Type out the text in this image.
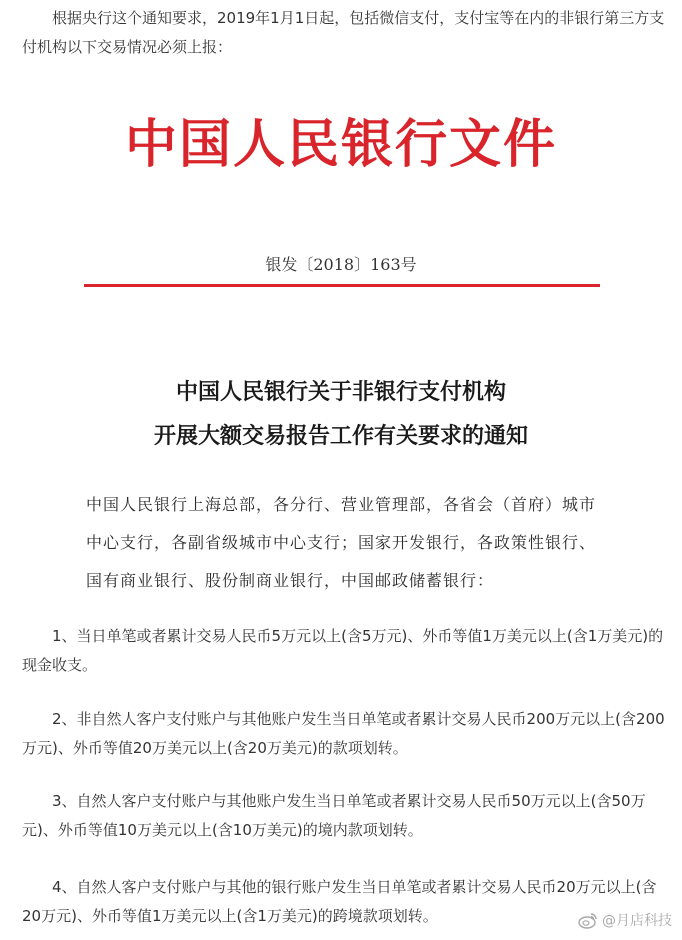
根据央行这个通知要求，2019年1月1日起，包括微信支付，支付宝等在内的非银行第三方支付机构以下交易情况必须上报：

中国人民银行文件

银发〔2018〕163号

中国人民银行关于非银行支付机构
开展大额交易报告工作有关要求的通知

中国人民银行上海总部，各分行、营业管理部，各省会（首府）城市中心支行，各副省级城市中心支行；国家开发银行，各政策性银行、国有商业银行、股份制商业银行，中国邮政储蓄银行：

1、当日单笔或者累计交易人民币5万元以上(含5万元)、外币等值1万美元以上(含1万美元)的现金收支。

2、非自然人客户支付账户与其他账户发生当日单笔或者累计交易人民币200万元以上(含200万元)、外币等值20万美元以上(含20万美元)的款项划转。

3、自然人客户支付账户与其他账户发生当日单笔或者累计交易人民币50万元以上(含50万元)、外币等值10万美元以上(含10万美元)的境内款项划转。

4、自然人客户支付账户与其他的银行账户发生当日单笔或者累计交易人民币20万元以上(含20万元)、外币等值1万美元以上(含1万美元)的跨境款项划转。	@月店科技
